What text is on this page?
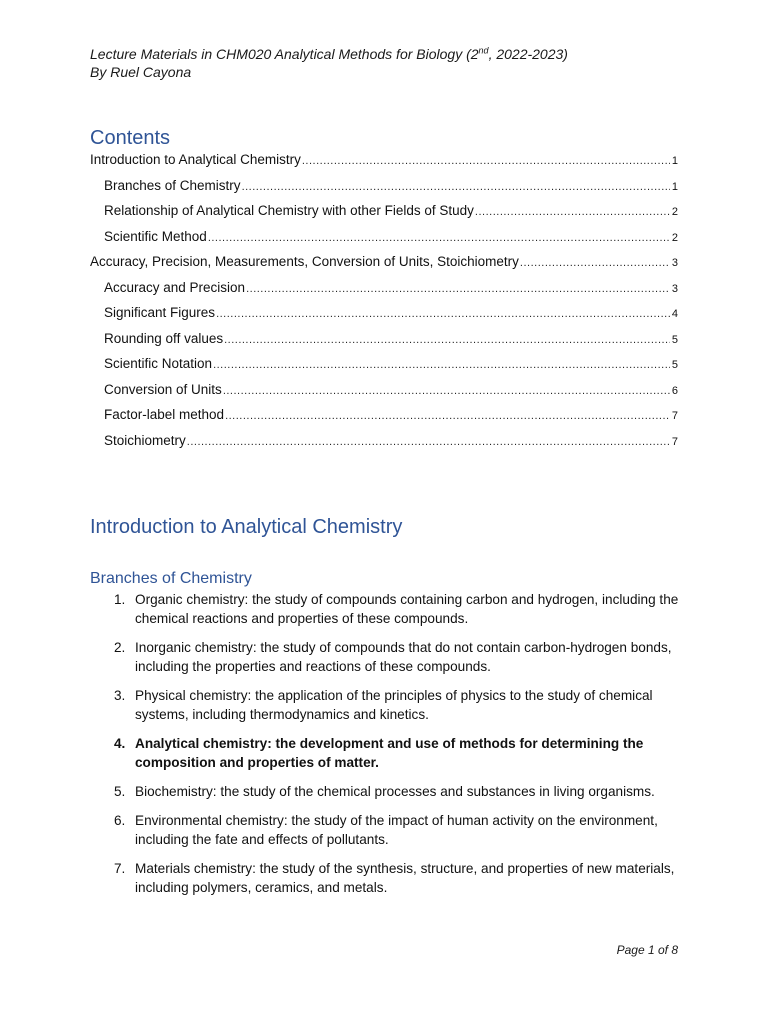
Lecture Materials in CHM020 Analytical Methods for Biology (2nd, 2022-2023)
By Ruel Cayona
Contents
Introduction to Analytical Chemistry .....	1
Branches of Chemistry .....	1
Relationship of Analytical Chemistry with other Fields of Study .....	2
Scientific Method .....	2
Accuracy, Precision, Measurements, Conversion of Units, Stoichiometry .....	3
Accuracy and Precision .....	3
Significant Figures .....	4
Rounding off values .....	5
Scientific Notation .....	5
Conversion of Units .....	6
Factor-label method .....	7
Stoichiometry .....	7
Introduction to Analytical Chemistry
Branches of Chemistry
1. Organic chemistry: the study of compounds containing carbon and hydrogen, including the chemical reactions and properties of these compounds.
2. Inorganic chemistry: the study of compounds that do not contain carbon-hydrogen bonds, including the properties and reactions of these compounds.
3. Physical chemistry: the application of the principles of physics to the study of chemical systems, including thermodynamics and kinetics.
4. Analytical chemistry: the development and use of methods for determining the composition and properties of matter.
5. Biochemistry: the study of the chemical processes and substances in living organisms.
6. Environmental chemistry: the study of the impact of human activity on the environment, including the fate and effects of pollutants.
7. Materials chemistry: the study of the synthesis, structure, and properties of new materials, including polymers, ceramics, and metals.
Page 1 of 8
